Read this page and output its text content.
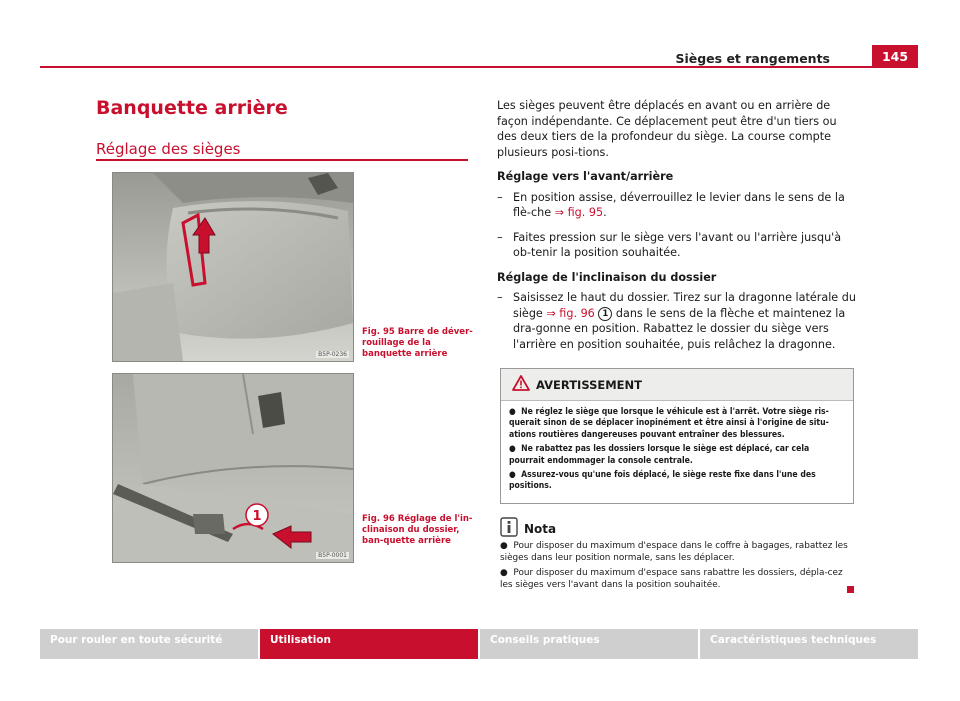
Sièges et rangements	145
Banquette arrière
Réglage des sièges
B5P-0236
Fig. 95 Barre de déver-rouillage de la banquette arrière
1
B5P-0001
Fig. 96 Réglage de l'in-clinaison du dossier, ban-quette arrière

Les sièges peuvent être déplacés en avant ou en arrière de façon indépendante. Ce déplacement peut être d'un tiers ou des deux tiers de la profondeur du siège. La course compte plusieurs posi-tions.

Réglage vers l'avant/arrière

– En position assise, déverrouillez le levier dans le sens de la flè-che ⇒ fig. 95.
– Faites pression sur le siège vers l'avant ou l'arrière jusqu'à ob-tenir la position souhaitée.

Réglage de l'inclinaison du dossier

– Saisissez le haut du dossier. Tirez sur la dragonne latérale du siège ⇒ fig. 96 1 dans le sens de la flèche et maintenez la dra-gonne en position. Rabattez le dossier du siège vers l'arrière en position souhaitée, puis relâchez la dragonne.
AVERTISSEMENT

● Ne réglez le siège que lorsque le véhicule est à l'arrêt. Votre siège ris-querait sinon de se déplacer inopinément et être ainsi à l'origine de situ-ations routières dangereuses pouvant entraîner des blessures.

● Ne rabattez pas les dossiers lorsque le siège est déplacé, car cela pourrait endommager la console centrale.

● Assurez-vous qu'une fois déplacé, le siège reste fixe dans l'une des positions.

Nota

● Pour disposer du maximum d'espace dans le coffre à bagages, rabattez les sièges dans leur position normale, sans les déplacer.

● Pour disposer du maximum d'espace sans rabattre les dossiers, dépla-cez les sièges vers l'avant dans la position souhaitée.

Pour rouler en toute sécurité	Utilisation	Conseils pratiques	Caractéristiques techniques
